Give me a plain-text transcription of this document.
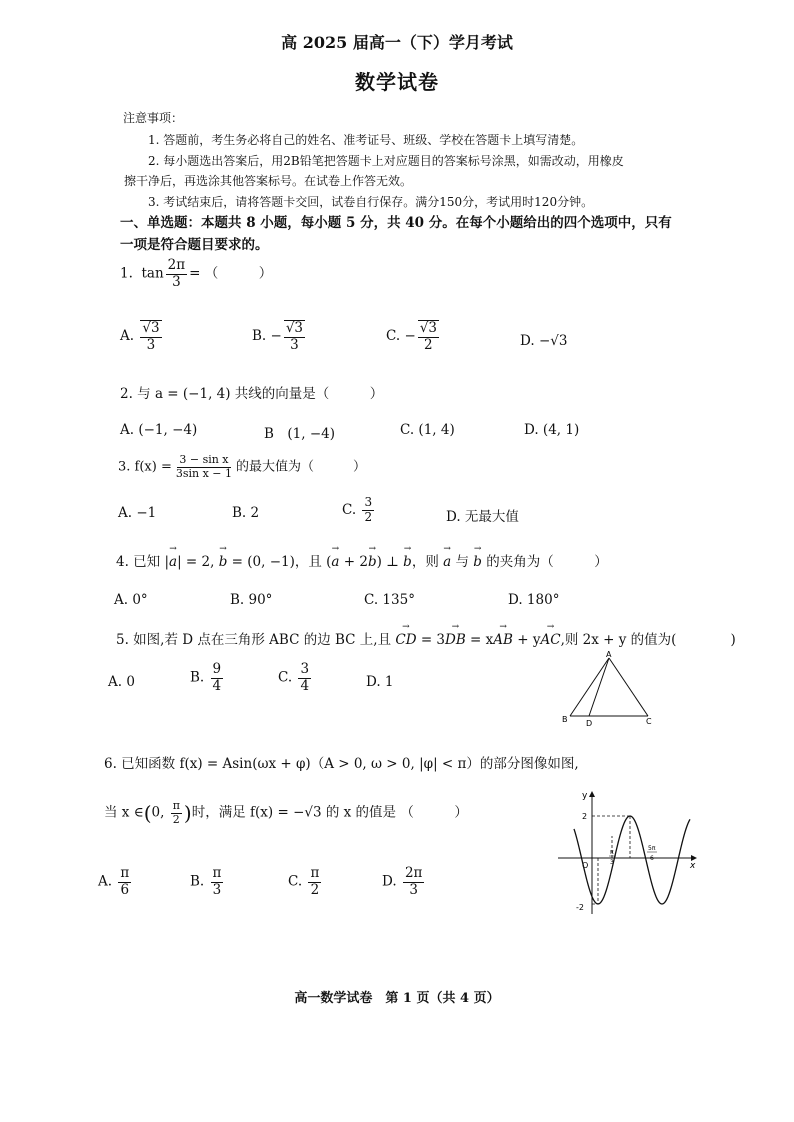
高 2025 届高一（下）学月考试
数学试卷
注意事项：
1. 答题前，考生务必将自己的姓名、准考证号、班级、学校在答题卡上填写清楚。
2. 每小题选出答案后，用2B铅笔把答题卡上对应题目的答案标号涂黑，如需改动，用橡皮
擦干净后，再选涂其他答案标号。在试卷上作答无效。
3. 考试结束后，请将答题卡交回，试卷自行保存。满分150分，考试用时120分钟。
一、单选题：本题共 8 小题，每小题 5 分，共 40 分。在每个小题给出的四个选项中，只有
一项是符合题目要求的。
1. $\tan \frac{2\pi}{3}$ = （　　　）
A. $\frac{√3}{3}$	B. − $\frac{√3}{3}$	C. − $\frac{√3}{2}$	D. −√3
2. 与 a = (−1, 4) 共线的向量是（　　　）
A. (−1, −4)	B　(1, −4)	C. (1, 4)	D. (4, 1)
3. $f(x) = \frac{\text{3 − sin x}}{\text{3sin x − 1}}$ 的最大值为（　　　）
A. −1	B. 2	C. $\frac{3}{2}$	D. 无最大值
4. 已知 |→ a| = 2, → b = (0, −1)，且 (→ a + 2→ b) ⊥ → b，则 → a 与 → b 的夹角为（　　　）
A. 0°	B. 90°	C. 135°	D. 180°
5. 如图,若 D 点在三角形 ABC 的边 BC 上,且 → CD = 3→ DB = x→ AB + y→ AC,则 2x + y 的值为(　　　　)
A. 0	B. $\frac{9}{4}$	C. $\frac{3}{4}$	D. 1
A
B D	C
6. 已知函数 f(x) = Asin(ωx + φ)（A > 0, ω > 0, |φ| < π）的部分图像如图,
当 x ∈(0, $\frac{\pi}{2}$ )时，满足 f(x) = −√3 的 x 的值是 （　　　）
A. $\frac{\pi}{6}$	B. $\frac{\pi}{3}$	C. $\frac{\pi}{2}$	D. $\frac{2\pi}{3}$
y
x
O
2
-2
π
3
5π
6
高一数学试卷　第 1 页（共 4 页）
